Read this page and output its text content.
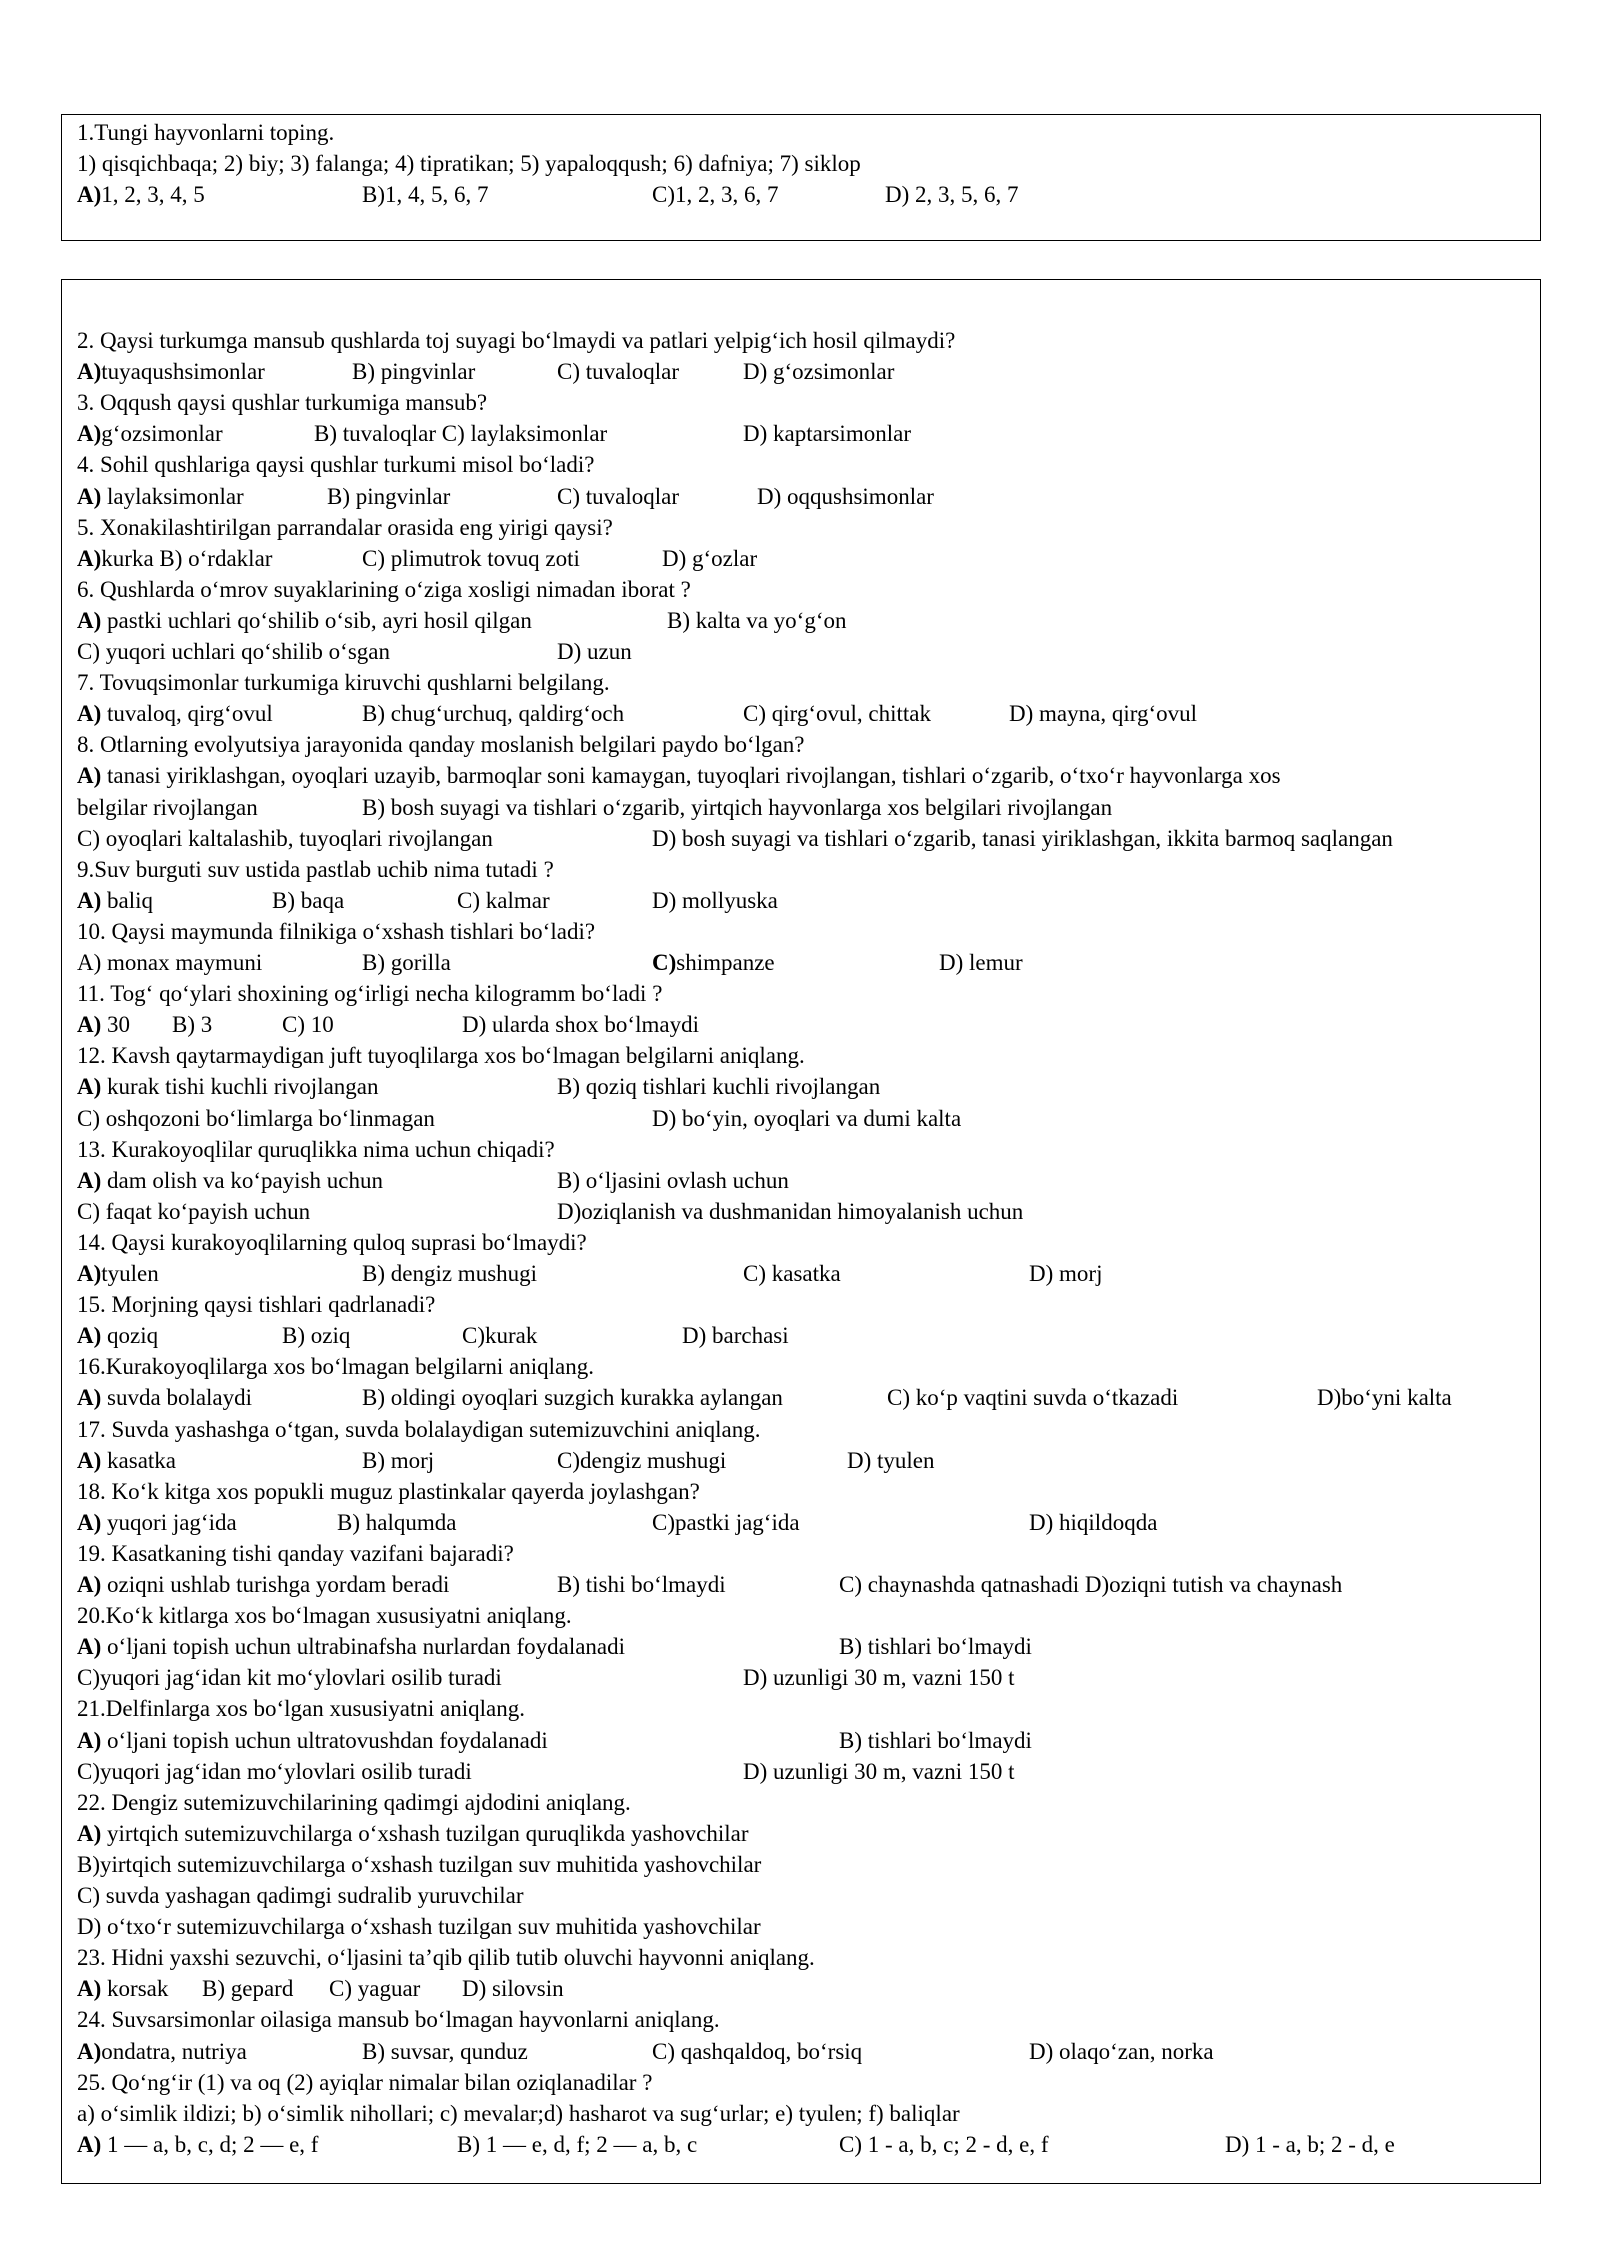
1.Tungi hayvonlarni toping.
1) qisqichbaqa; 2) biy; 3) falanga; 4) tipratikan; 5) yapaloqqush; 6) dafniya; 7) siklop
A)1, 2, 3, 4, 5	B)1, 4, 5, 6, 7	C)1, 2, 3, 6, 7	D) 2, 3, 5, 6, 7
2. Qaysi turkumga mansub qushlarda toj suyagi bo‘lmaydi va patlari yelpig‘ich hosil qilmaydi?
A)tuyaqushsimonlar	B) pingvinlar	C) tuvaloqlar	D) g‘ozsimonlar
3. Oqqush qaysi qushlar turkumiga mansub?
A)g‘ozsimonlar	B) tuvaloqlar C) laylaksimonlar	D) kaptarsimonlar
4. Sohil qushlariga qaysi qushlar turkumi misol bo‘ladi?
A) laylaksimonlar	B) pingvinlar	C) tuvaloqlar	D) oqqushsimonlar
5. Xonakilashtirilgan parrandalar orasida eng yirigi qaysi?
A)kurka B) o‘rdaklar	C) plimutrok tovuq zoti	D) g‘ozlar
6. Qushlarda o‘mrov suyaklarining o‘ziga xosligi nimadan iborat ?
A) pastki uchlari qo‘shilib o‘sib, ayri hosil qilgan	B) kalta va yo‘g‘on
C) yuqori uchlari qo‘shilib o‘sgan	D) uzun
7. Tovuqsimonlar turkumiga kiruvchi qushlarni belgilang.
A) tuvaloq, qirg‘ovul	B) chug‘urchuq, qaldirg‘och	C) qirg‘ovul, chittak	D) mayna, qirg‘ovul
8. Otlarning evolyutsiya jarayonida qanday moslanish belgilari paydo bo‘lgan?
A) tanasi yiriklashgan, oyoqlari uzayib, barmoqlar soni kamaygan, tuyoqlari rivojlangan, tishlari o‘zgarib, o‘txo‘r hayvonlarga xos
belgilar rivojlangan	B) bosh suyagi va tishlari o‘zgarib, yirtqich hayvonlarga xos belgilari rivojlangan
C) oyoqlari kaltalashib, tuyoqlari rivojlangan	D) bosh suyagi va tishlari o‘zgarib, tanasi yiriklashgan, ikkita barmoq saqlangan
9.Suv burguti suv ustida pastlab uchib nima tutadi ?
A) baliq	B) baqa	C) kalmar	D) mollyuska
10. Qaysi maymunda filnikiga o‘xshash tishlari bo‘ladi?
A) monax maymuni	B) gorilla	C)shimpanze	D) lemur
11. Tog‘ qo‘ylari shoxining og‘irligi necha kilogramm bo‘ladi ?
A) 30 B) 3	C) 10	D) ularda shox bo‘lmaydi
12. Kavsh qaytarmaydigan juft tuyoqlilarga xos bo‘lmagan belgilarni aniqlang.
A) kurak tishi kuchli rivojlangan	B) qoziq tishlari kuchli rivojlangan
C) oshqozoni bo‘limlarga bo‘linmagan	D) bo‘yin, oyoqlari va dumi kalta
13. Kurakoyoqlilar quruqlikka nima uchun chiqadi?
A) dam olish va ko‘payish uchun	B) o‘ljasini ovlash uchun
C) faqat ko‘payish uchun	D)oziqlanish va dushmanidan himoyalanish uchun
14. Qaysi kurakoyoqlilarning quloq suprasi bo‘lmaydi?
A)tyulen	B) dengiz mushugi	C) kasatka	D) morj
15. Morjning qaysi tishlari qadrlanadi?
A) qoziq	B) oziq	C)kurak	D) barchasi
16.Kurakoyoqlilarga xos bo‘lmagan belgilarni aniqlang.
A) suvda bolalaydi	B) oldingi oyoqlari suzgich kurakka aylangan	C) ko‘p vaqtini suvda o‘tkazadi	D)bo‘yni kalta
17. Suvda yashashga o‘tgan, suvda bolalaydigan sutemizuvchini aniqlang.
A) kasatka	B) morj	C)dengiz mushugi	D) tyulen
18. Ko‘k kitga xos popukli muguz plastinkalar qayerda joylashgan?
A) yuqori jag‘ida	B) halqumda	C)pastki jag‘ida	D) hiqildoqda
19. Kasatkaning tishi qanday vazifani bajaradi?
A) oziqni ushlab turishga yordam beradi	B) tishi bo‘lmaydi	C) chaynashda qatnashadi D)oziqni tutish va chaynash
20.Ko‘k kitlarga xos bo‘lmagan xususiyatni aniqlang.
A) o‘ljani topish uchun ultrabinafsha nurlardan foydalanadi	B) tishlari bo‘lmaydi
C)yuqori jag‘idan kit mo‘ylovlari osilib turadi	D) uzunligi 30 m, vazni 150 t
21.Delfinlarga xos bo‘lgan xususiyatni aniqlang.
A) o‘ljani topish uchun ultratovushdan foydalanadi	B) tishlari bo‘lmaydi
C)yuqori jag‘idan mo‘ylovlari osilib turadi	D) uzunligi 30 m, vazni 150 t
22. Dengiz sutemizuvchilarining qadimgi ajdodini aniqlang.
A) yirtqich sutemizuvchilarga o‘xshash tuzilgan quruqlikda yashovchilar
B)yirtqich sutemizuvchilarga o‘xshash tuzilgan suv muhitida yashovchilar
C) suvda yashagan qadimgi sudralib yuruvchilar
D) o‘txo‘r sutemizuvchilarga o‘xshash tuzilgan suv muhitida yashovchilar
23. Hidni yaxshi sezuvchi, o‘ljasini ta’qib qilib tutib oluvchi hayvonni aniqlang.
A) korsak B) gepard C) yaguar D) silovsin
24. Suvsarsimonlar oilasiga mansub bo‘lmagan hayvonlarni aniqlang.
A)ondatra, nutriya	B) suvsar, qunduz	C) qashqaldoq, bo‘rsiq	D) olaqo‘zan, norka
25. Qo‘ng‘ir (1) va oq (2) ayiqlar nimalar bilan oziqlanadilar ?
a) o‘simlik ildizi; b) o‘simlik nihollari; c) mevalar;d) hasharot va sug‘urlar; e) tyulen; f) baliqlar
A) 1 — a, b, c, d; 2 — e, f	B) 1 — e, d, f; 2 — a, b, c	C) 1 - a, b, c; 2 - d, e, f	D) 1 - a, b; 2 - d, e
